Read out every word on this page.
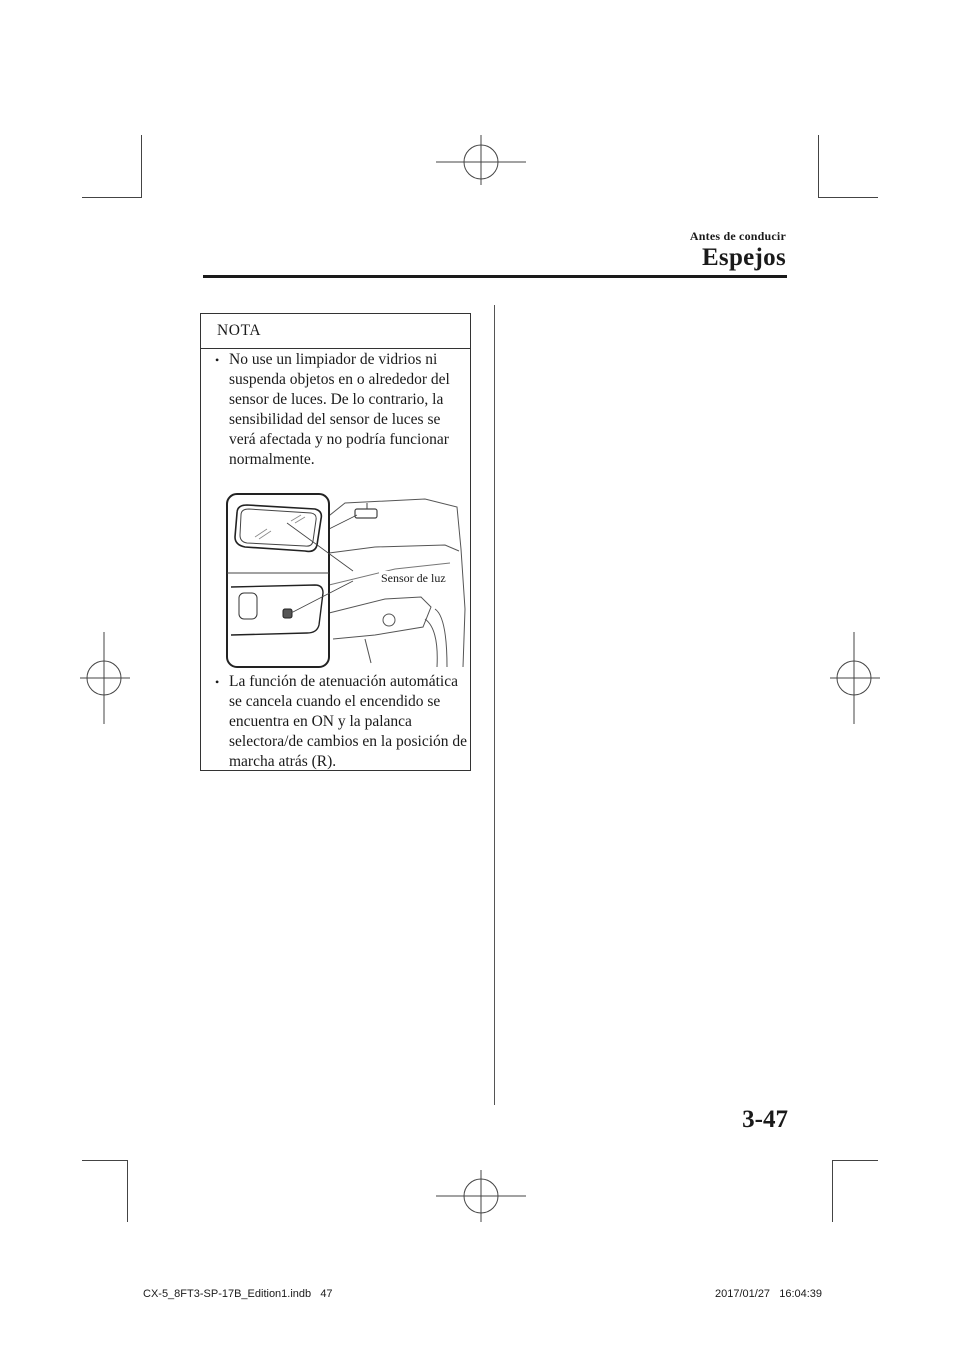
Antes de conducir
Espejos
NOTA
• No use un limpiador de vidrios ni suspenda objetos en o alrededor del sensor de luces. De lo contrario, la sensibilidad del sensor de luces se verá afectada y no podría funcionar normalmente.
Sensor de luz
• La función de atenuación automática se cancela cuando el encendido se encuentra en ON y la palanca selectora/de cambios en la posición de marcha atrás (R).
3-47
CX-5_8FT3-SP-17B_Edition1.indb   47	2017/01/27   16:04:39
